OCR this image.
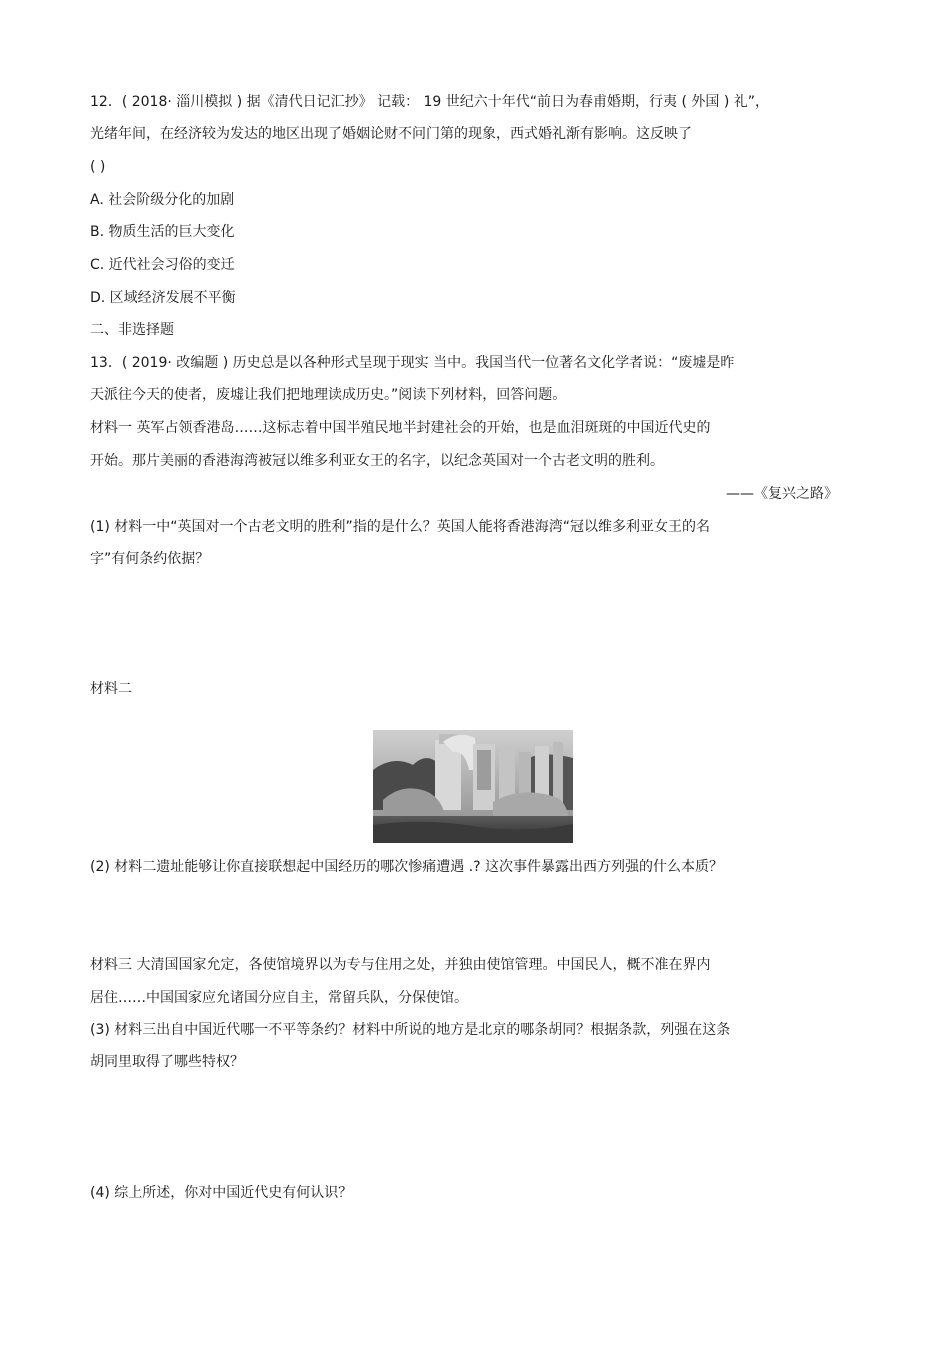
12．( 2018· 淄川模拟 ) 据《清代日记汇抄》 记载： 19 世纪六十年代“前日为春甫婚期，行夷 ( 外国 ) 礼”，
光绪年间，在经济较为发达的地区出现了婚姻论财不问门第的现象，西式婚礼渐有影响。这反映了
( )
A. 社会阶级分化的加剧
B. 物质生活的巨大变化
C. 近代社会习俗的变迁
D. 区域经济发展不平衡
二、非选择题
13．( 2019· 改编题 ) 历史总是以各种形式呈现于现实 当中。我国当代一位著名文化学者说：“废墟是昨
天派往今天的使者，废墟让我们把地理读成历史。”阅读下列材料，回答问题。
材料一 英军占领香港岛……这标志着中国半殖民地半封建社会的开始，也是血泪斑斑的中国近代史的
开始。那片美丽的香港海湾被冠以维多利亚女王的名字，以纪念英国对一个古老文明的胜利。
——《复兴之路》
(1) 材料一中“英国对一个古老文明的胜利”指的是什么？英国人能将香港海湾“冠以维多利亚女王的名
字”有何条约依据？
材料二
(2) 材料二遗址能够让你直接联想起中国经历的哪次惨痛遭遇 .? 这次事件暴露出西方列强的什么本质？
材料三 大清国国家允定，各使馆境界以为专与住用之处，并独由使馆管理。中国民人，概不准在界内
居住……中国国家应允诸国分应自主，常留兵队，分保使馆。
(3) 材料三出自中国近代哪一不平等条约？材料中所说的地方是北京的哪条胡同？根据条款，列强在这条
胡同里取得了哪些特权？
(4) 综上所述，你对中国近代史有何认识？
